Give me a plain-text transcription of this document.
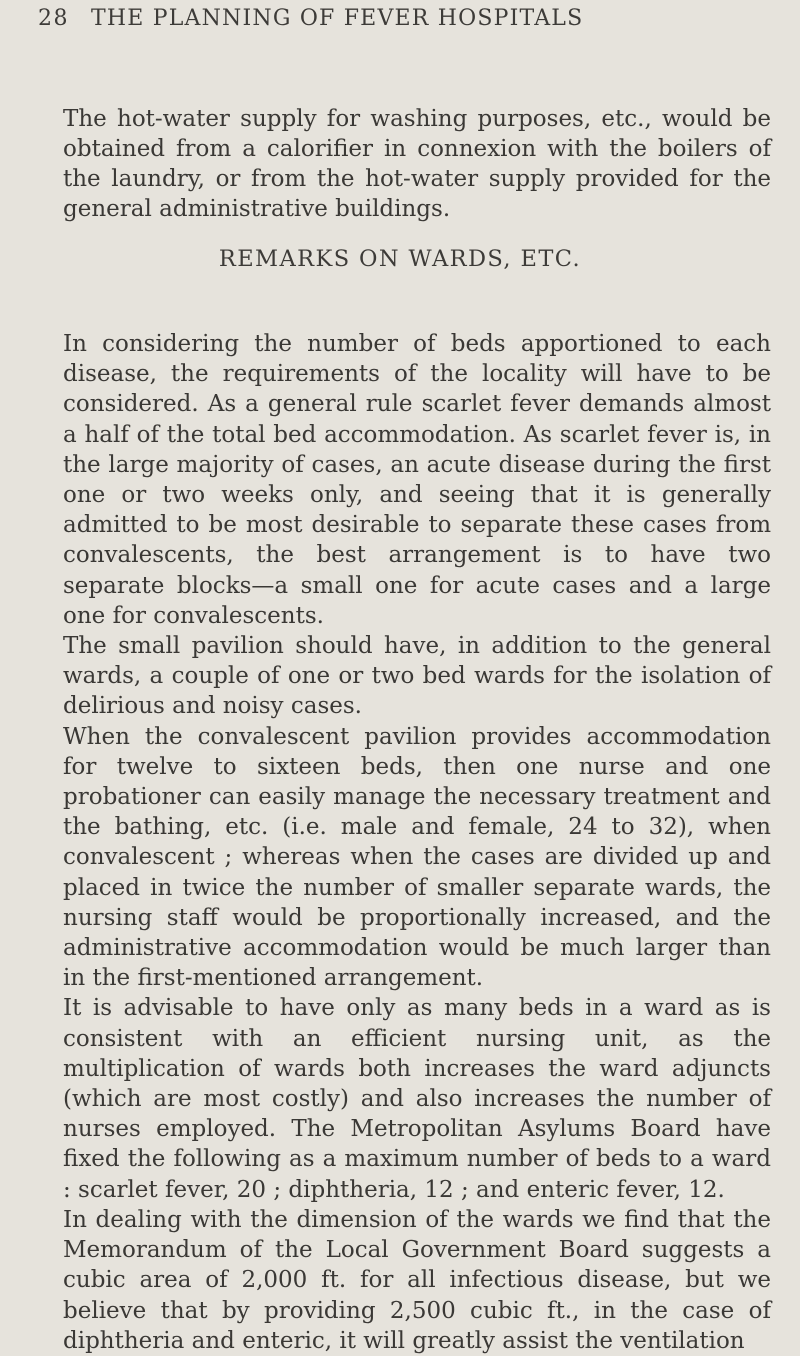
28 THE PLANNING OF FEVER HOSPITALS

The hot-water supply for washing purposes, etc., would be obtained from a calorifier in connexion with the boilers of the laundry, or from the hot-water supply provided for the general administrative buildings.

REMARKS ON WARDS, ETC.

In considering the number of beds apportioned to each disease, the requirements of the locality will have to be considered. As a general rule scarlet fever demands almost a half of the total bed accommodation. As scarlet fever is, in the large majority of cases, an acute disease during the first one or two weeks only, and seeing that it is generally admitted to be most desirable to separate these cases from convalescents, the best arrangement is to have two separate blocks—a small one for acute cases and a large one for convalescents.

The small pavilion should have, in addition to the general wards, a couple of one or two bed wards for the isolation of delirious and noisy cases.

When the convalescent pavilion provides accommodation for twelve to sixteen beds, then one nurse and one probationer can easily manage the necessary treatment and the bathing, etc. (i.e. male and female, 24 to 32), when convalescent ; whereas when the cases are divided up and placed in twice the number of smaller separate wards, the nursing staff would be proportionally increased, and the administrative accommodation would be much larger than in the first-mentioned arrangement.

It is advisable to have only as many beds in a ward as is consistent with an efficient nursing unit, as the multiplication of wards both increases the ward adjuncts (which are most costly) and also increases the number of nurses employed. The Metropolitan Asylums Board have fixed the following as a maximum number of beds to a ward : scarlet fever, 20 ; diphtheria, 12 ; and enteric fever, 12.

In dealing with the dimension of the wards we find that the Memorandum of the Local Government Board suggests a cubic area of 2,000 ft. for all infectious disease, but we believe that by providing 2,500 cubic ft., in the case of diphtheria and enteric, it will greatly assist the ventilation
